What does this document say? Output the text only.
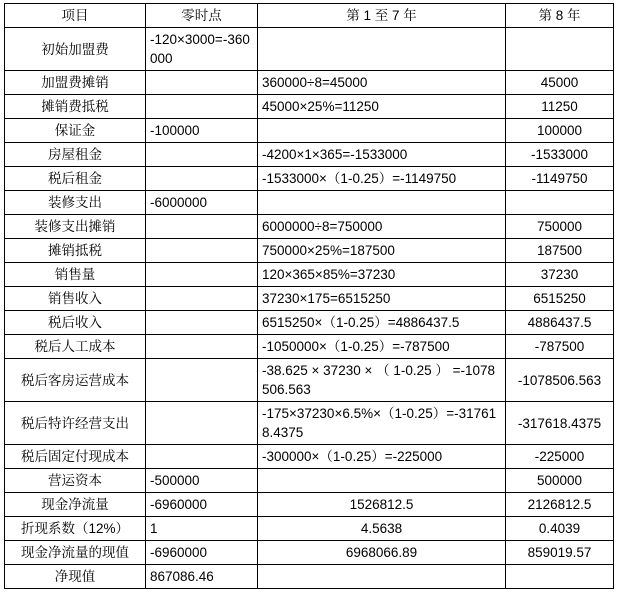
项目	零时点	第 1 至 7 年	第 8 年
初始加盟费	-120×3000=-360000		
加盟费摊销		360000÷8=45000	45000
摊销费抵税		45000×25%=11250	11250
保证金	-100000		100000
房屋租金		-4200×1×365=-1533000	-1533000
税后租金		-1533000×（1-0.25）=-1149750	-1149750
装修支出	-6000000		
装修支出摊销		6000000÷8=750000	750000
摊销抵税		750000×25%=187500	187500
销售量		120×365×85%=37230	37230
销售收入		37230×175=6515250	6515250
税后收入		6515250×（1-0.25）=4886437.5	4886437.5
税后人工成本		-1050000×（1-0.25）=-787500	-787500
税后客房运营成本		-38.625 × 37230 × （ 1-0.25 ） =-1078506.563	-1078506.563
税后特许经营支出		-175×37230×6.5%×（1-0.25）=-317618.4375	-317618.4375
税后固定付现成本		-300000×（1-0.25）=-225000	-225000
营运资本	-500000		500000
现金净流量	-6960000	1526812.5	2126812.5
折现系数（12%）	1	4.5638	0.4039
现金净流量的现值	-6960000	6968066.89	859019.57
净现值	867086.46		
